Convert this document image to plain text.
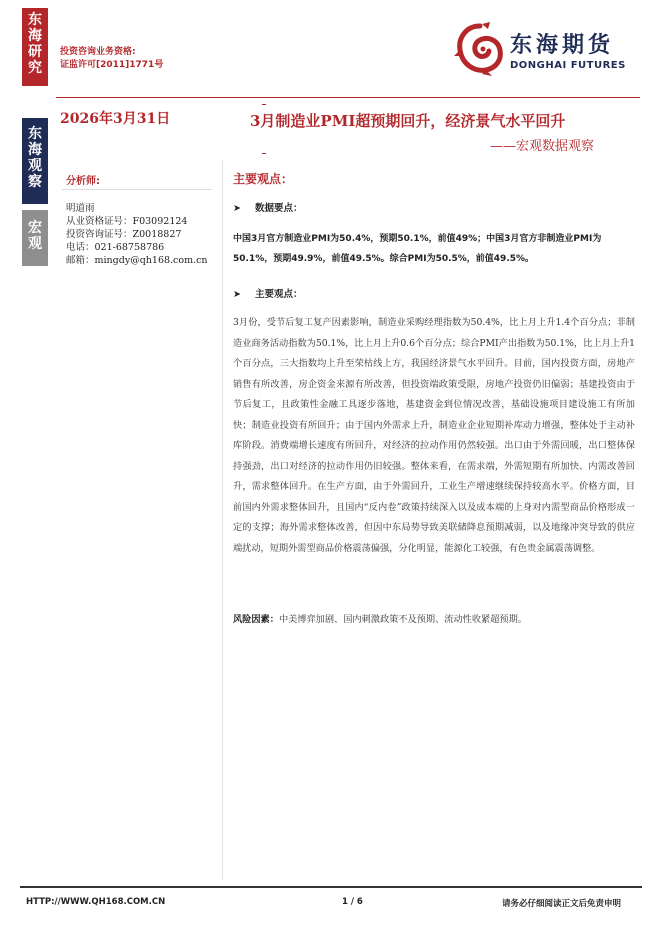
东
海
研
究
东
海
观
察
宏
观
投资咨询业务资格:
证监许可[2011]1771号
东海期货
DONGHAI FUTURES
2026年3月31日	3月制造业PMI超预期回升，经济景气水平回升
——宏观数据观察
分析师:
明道雨
从业资格证号：F03092124
投资咨询证号：Z0018827
电话：021-68758786
邮箱：mingdy@qh168.com.cn
主要观点：
➤ 数据要点：
中国3月官方制造业PMI为50.4%，预期50.1%，前值49%；中国3月官方非制造业PMI为50.1%，预期49.9%，前值49.5%。综合PMI为50.5%，前值49.5%。
➤ 主要观点：
3月份，受节后复工复产因素影响，制造业采购经理指数为50.4%，比上月上升1.4个百分点；非制造业商务活动指数为50.1%，比上月上升0.6个百分点；综合PMI产出指数为50.1%，比上月上升1个百分点，三大指数均上升至荣枯线上方，我国经济景气水平回升。目前，国内投资方面，房地产销售有所改善，房企资金来源有所改善，但投资端政策受限，房地产投资仍旧偏弱；基建投资由于节后复工，且政策性金融工具逐步落地，基建资金到位情况改善，基础设施项目建设施工有所加快；制造业投资有所回升；由于国内外需求上升，制造业企业短期补库动力增强，整体处于主动补库阶段。消费端增长速度有所回升，对经济的拉动作用仍然较强。出口由于外需回暖，出口整体保持强劲，出口对经济的拉动作用仍旧较强。整体来看，在需求端，外需短期有所加快、内需改善回升，需求整体回升。在生产方面，由于外需回升，工业生产增速继续保持较高水平。价格方面，目前国内外需求整体回升，且国内“反内卷”政策持续深入以及成本端的上身对内需型商品价格形成一定的支撑；海外需求整体改善，但因中东局势导致美联储降息预期减弱，以及地缘冲突导致的供应端扰动，短期外需型商品价格震荡偏强，分化明显，能源化工较强，有色贵金属震荡调整。
风险因素：中美博弈加剧、国内刺激政策不及预期、流动性收紧超预期。
HTTP://WWW.QH168.COM.CN	1 / 6	请务必仔细阅读正文后免责申明
